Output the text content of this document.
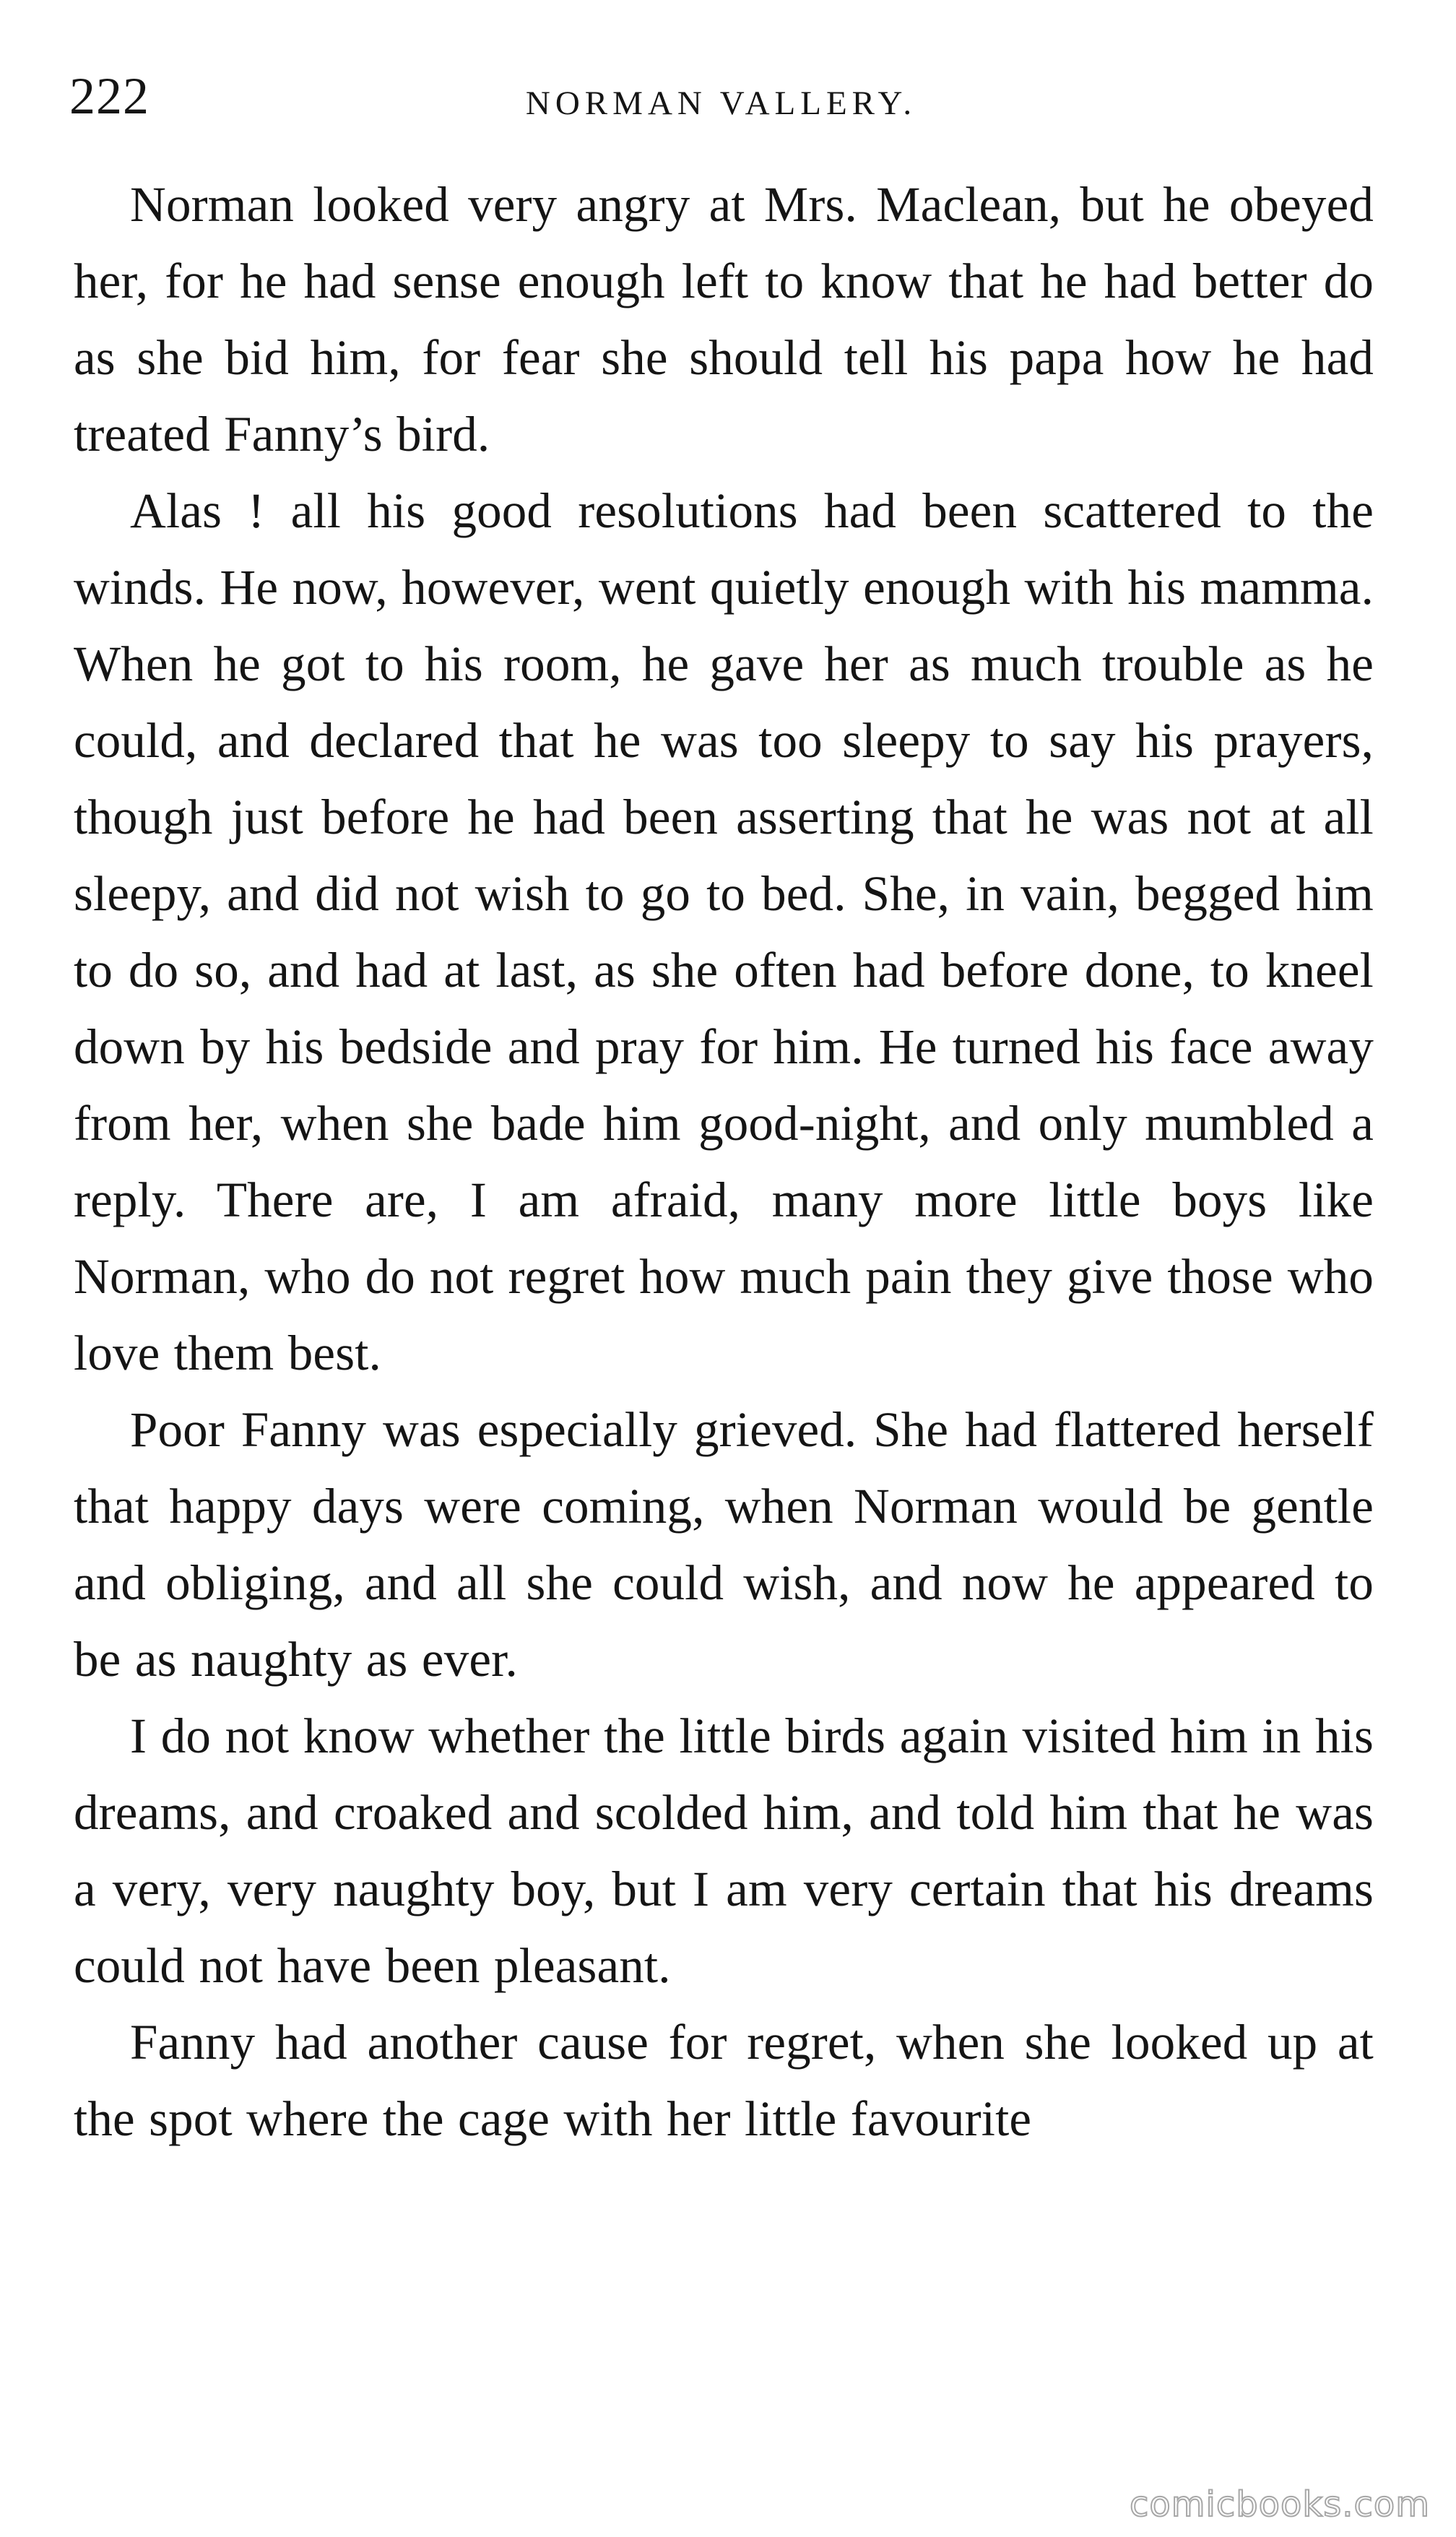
222	NORMAN VALLERY.

Norman looked very angry at Mrs. Maclean, but he obeyed her, for he had sense enough left to know that he had better do as she bid him, for fear she should tell his papa how he had treated Fanny’s bird.

Alas ! all his good resolutions had been scattered to the winds. He now, however, went quietly enough with his mamma. When he got to his room, he gave her as much trouble as he could, and declared that he was too sleepy to say his prayers, though just before he had been asserting that he was not at all sleepy, and did not wish to go to bed. She, in vain, begged him to do so, and had at last, as she often had before done, to kneel down by his bedside and pray for him. He turned his face away from her, when she bade him good-night, and only mumbled a reply. There are, I am afraid, many more little boys like Norman, who do not regret how much pain they give those who love them best.

Poor Fanny was especially grieved. She had flattered herself that happy days were coming, when Norman would be gentle and obliging, and all she could wish, and now he appeared to be as naughty as ever.

I do not know whether the little birds again visited him in his dreams, and croaked and scolded him, and told him that he was a very, very naughty boy, but I am very certain that his dreams could not have been pleasant.

Fanny had another cause for regret, when she looked up at the spot where the cage with her little favourite

comicbooks.com
